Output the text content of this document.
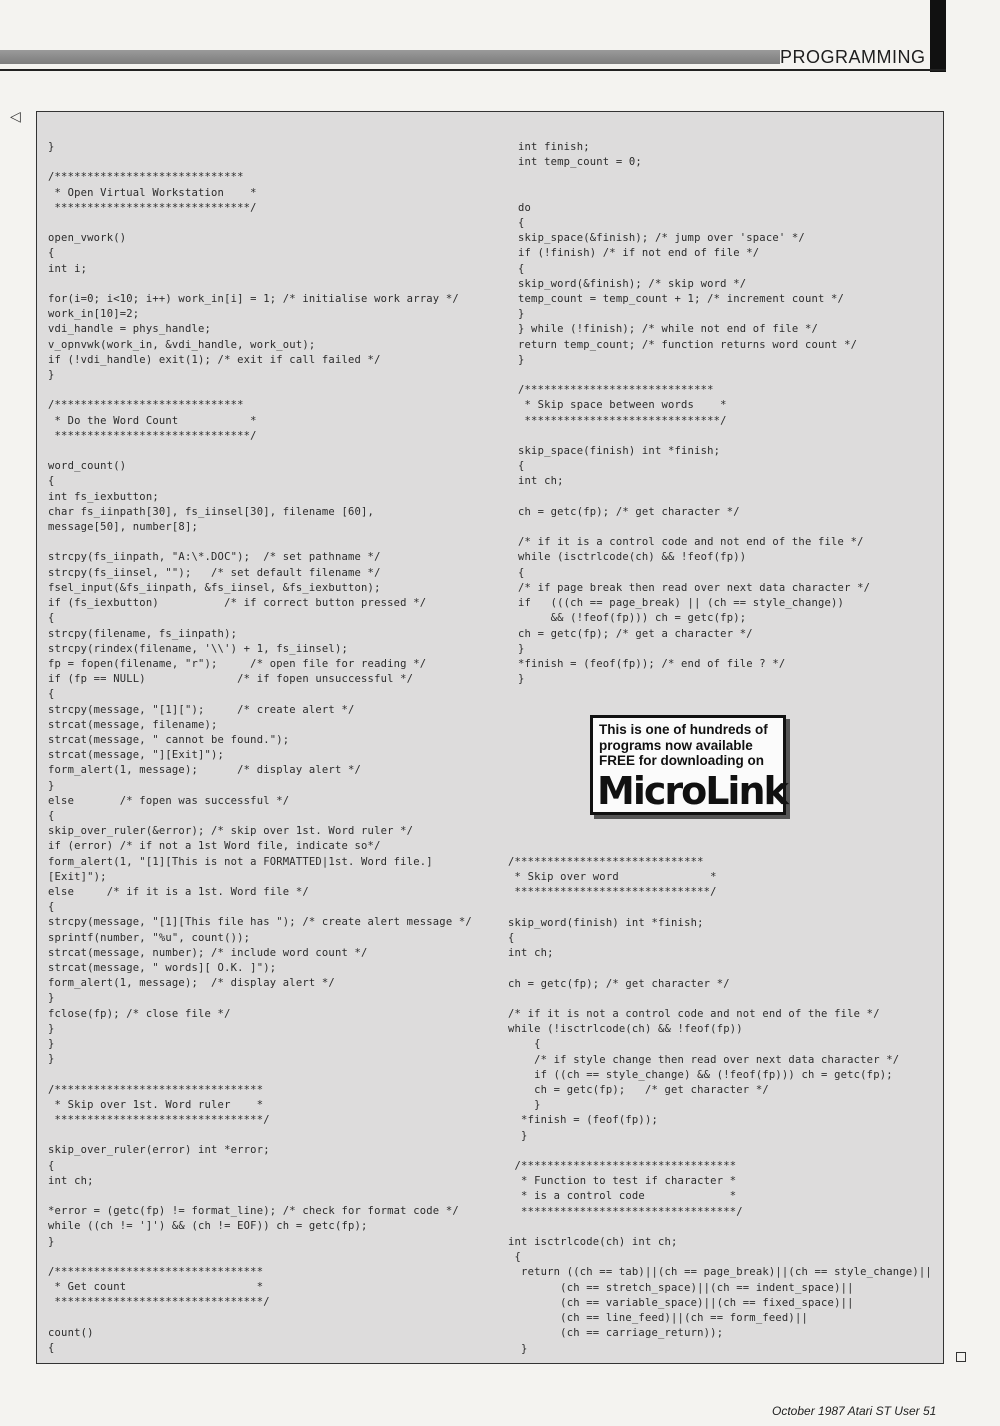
PROGRAMMING
◁
}

/*****************************
* Open Virtual Workstation    *
******************************/

open_vwork()
{
int i;

for(i=0; i<10; i++) work_in[i] = 1; /* initialise work array */
work_in[10]=2;
vdi_handle = phys_handle;
v_opnvwk(work_in, &vdi_handle, work_out);
if (!vdi_handle) exit(1); /* exit if call failed */
}

/*****************************
* Do the Word Count           *
******************************/

word_count()
{
int fs_iexbutton;
char fs_iinpath[30], fs_iinsel[30], filename [60],
message[50], number[8];

strcpy(fs_iinpath, "A:\*.DOC");  /* set pathname */
strcpy(fs_iinsel, "");   /* set default filename */
fsel_input(&fs_iinpath, &fs_iinsel, &fs_iexbutton);
if (fs_iexbutton)          /* if correct button pressed */
{
strcpy(filename, fs_iinpath);
strcpy(rindex(filename, '\\') + 1, fs_iinsel);
fp = fopen(filename, "r");     /* open file for reading */
if (fp == NULL)              /* if fopen unsuccessful */
{
strcpy(message, "[1][");     /* create alert */
strcat(message, filename);
strcat(message, " cannot be found.");
strcat(message, "][Exit]");
form_alert(1, message);      /* display alert */
}
else       /* fopen was successful */
{
skip_over_ruler(&error); /* skip over 1st. Word ruler */
if (error) /* if not a 1st Word file, indicate so*/
form_alert(1, "[1][This is not a FORMATTED|1st. Word file.]
[Exit]");
else     /* if it is a 1st. Word file */
{
strcpy(message, "[1][This file has "); /* create alert message */
sprintf(number, "%u", count());
strcat(message, number); /* include word count */
strcat(message, " words][ O.K. ]");
form_alert(1, message);  /* display alert */
}
fclose(fp); /* close file */
}
}
}

/********************************
* Skip over 1st. Word ruler    *
********************************/

skip_over_ruler(error) int *error;
{
int ch;

*error = (getc(fp) != format_line); /* check for format code */
while ((ch != ']') && (ch != EOF)) ch = getc(fp);
}

/********************************
* Get count                    *
********************************/

count()
{
int finish;
int temp_count = 0;

do
{
skip_space(&finish); /* jump over 'space' */
if (!finish) /* if not end of file */
{
skip_word(&finish); /* skip word */
temp_count = temp_count + 1; /* increment count */
}
} while (!finish); /* while not end of file */
return temp_count; /* function returns word count */
}

/*****************************
* Skip space between words    *
******************************/

skip_space(finish) int *finish;
{
int ch;

ch = getc(fp); /* get character */

/* if it is a control code and not end of the file */
while (isctrlcode(ch) && !feof(fp))
{
/* if page break then read over next data character */
if   (((ch == page_break) || (ch == style_change))
&& (!feof(fp))) ch = getc(fp);
ch = getc(fp); /* get a character */
}
*finish = (feof(fp)); /* end of file ? */
}
/*****************************
* Skip over word              *
******************************/

skip_word(finish) int *finish;
{
int ch;

ch = getc(fp); /* get character */

/* if it is not a control code and not end of the file */
while (!isctrlcode(ch) && !feof(fp))
{
/* if style change then read over next data character */
if ((ch == style_change) && (!feof(fp))) ch = getc(fp);
ch = getc(fp);   /* get character */
}
*finish = (feof(fp));
}

/*********************************
* Function to test if character *
* is a control code             *
*********************************/

int isctrlcode(ch) int ch;
{
return ((ch == tab)||(ch == page_break)||(ch == style_change)||
(ch == stretch_space)||(ch == indent_space)||
(ch == variable_space)||(ch == fixed_space)||
(ch == line_feed)||(ch == form_feed)||
(ch == carriage_return));
}
This is one of hundreds of programs now available FREE for downloading on
MicroLink
October 1987 Atari ST User 51
